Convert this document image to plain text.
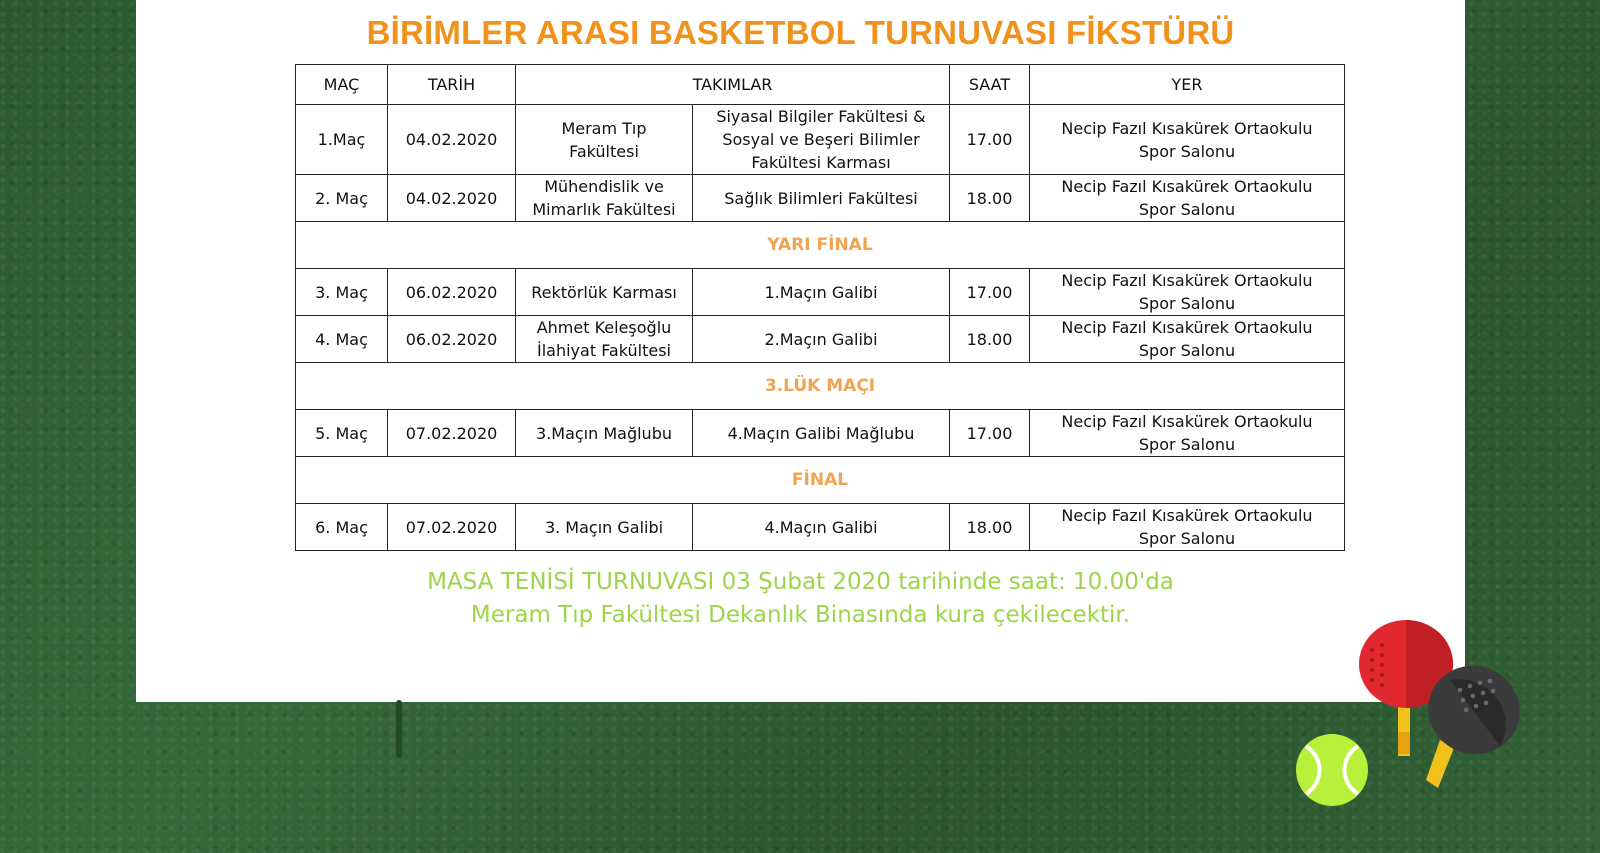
BİRİMLER ARASI BASKETBOL TURNUVASI FİKSTÜRÜ
MAÇ	TARİH	TAKIMLAR		SAAT	YER
1.Maç	04.02.2020	Meram Tıp Fakültesi	Siyasal Bilgiler Fakültesi & Sosyal ve Beşeri Bilimler Fakültesi Karması	17.00	Necip Fazıl Kısakürek Ortaokulu Spor Salonu
2. Maç	04.02.2020	Mühendislik ve Mimarlık Fakültesi	Sağlık Bilimleri Fakültesi	18.00	Necip Fazıl Kısakürek Ortaokulu Spor Salonu
YARI FİNAL					
3. Maç	06.02.2020	Rektörlük Karması	1.Maçın Galibi	17.00	Necip Fazıl Kısakürek Ortaokulu Spor Salonu
4. Maç	06.02.2020	Ahmet Keleşoğlu İlahiyat Fakültesi	2.Maçın Galibi	18.00	Necip Fazıl Kısakürek Ortaokulu Spor Salonu
3.LÜK MAÇI					
5. Maç	07.02.2020	3.Maçın Mağlubu	4.Maçın Galibi Mağlubu	17.00	Necip Fazıl Kısakürek Ortaokulu Spor Salonu
FİNAL					
6. Maç	07.02.2020	3. Maçın Galibi	4.Maçın Galibi	18.00	Necip Fazıl Kısakürek Ortaokulu Spor Salonu
MASA TENİSİ TURNUVASI 03 Şubat 2020 tarihinde saat: 10.00'da
Meram Tıp Fakültesi Dekanlık Binasında kura çekilecektir.
